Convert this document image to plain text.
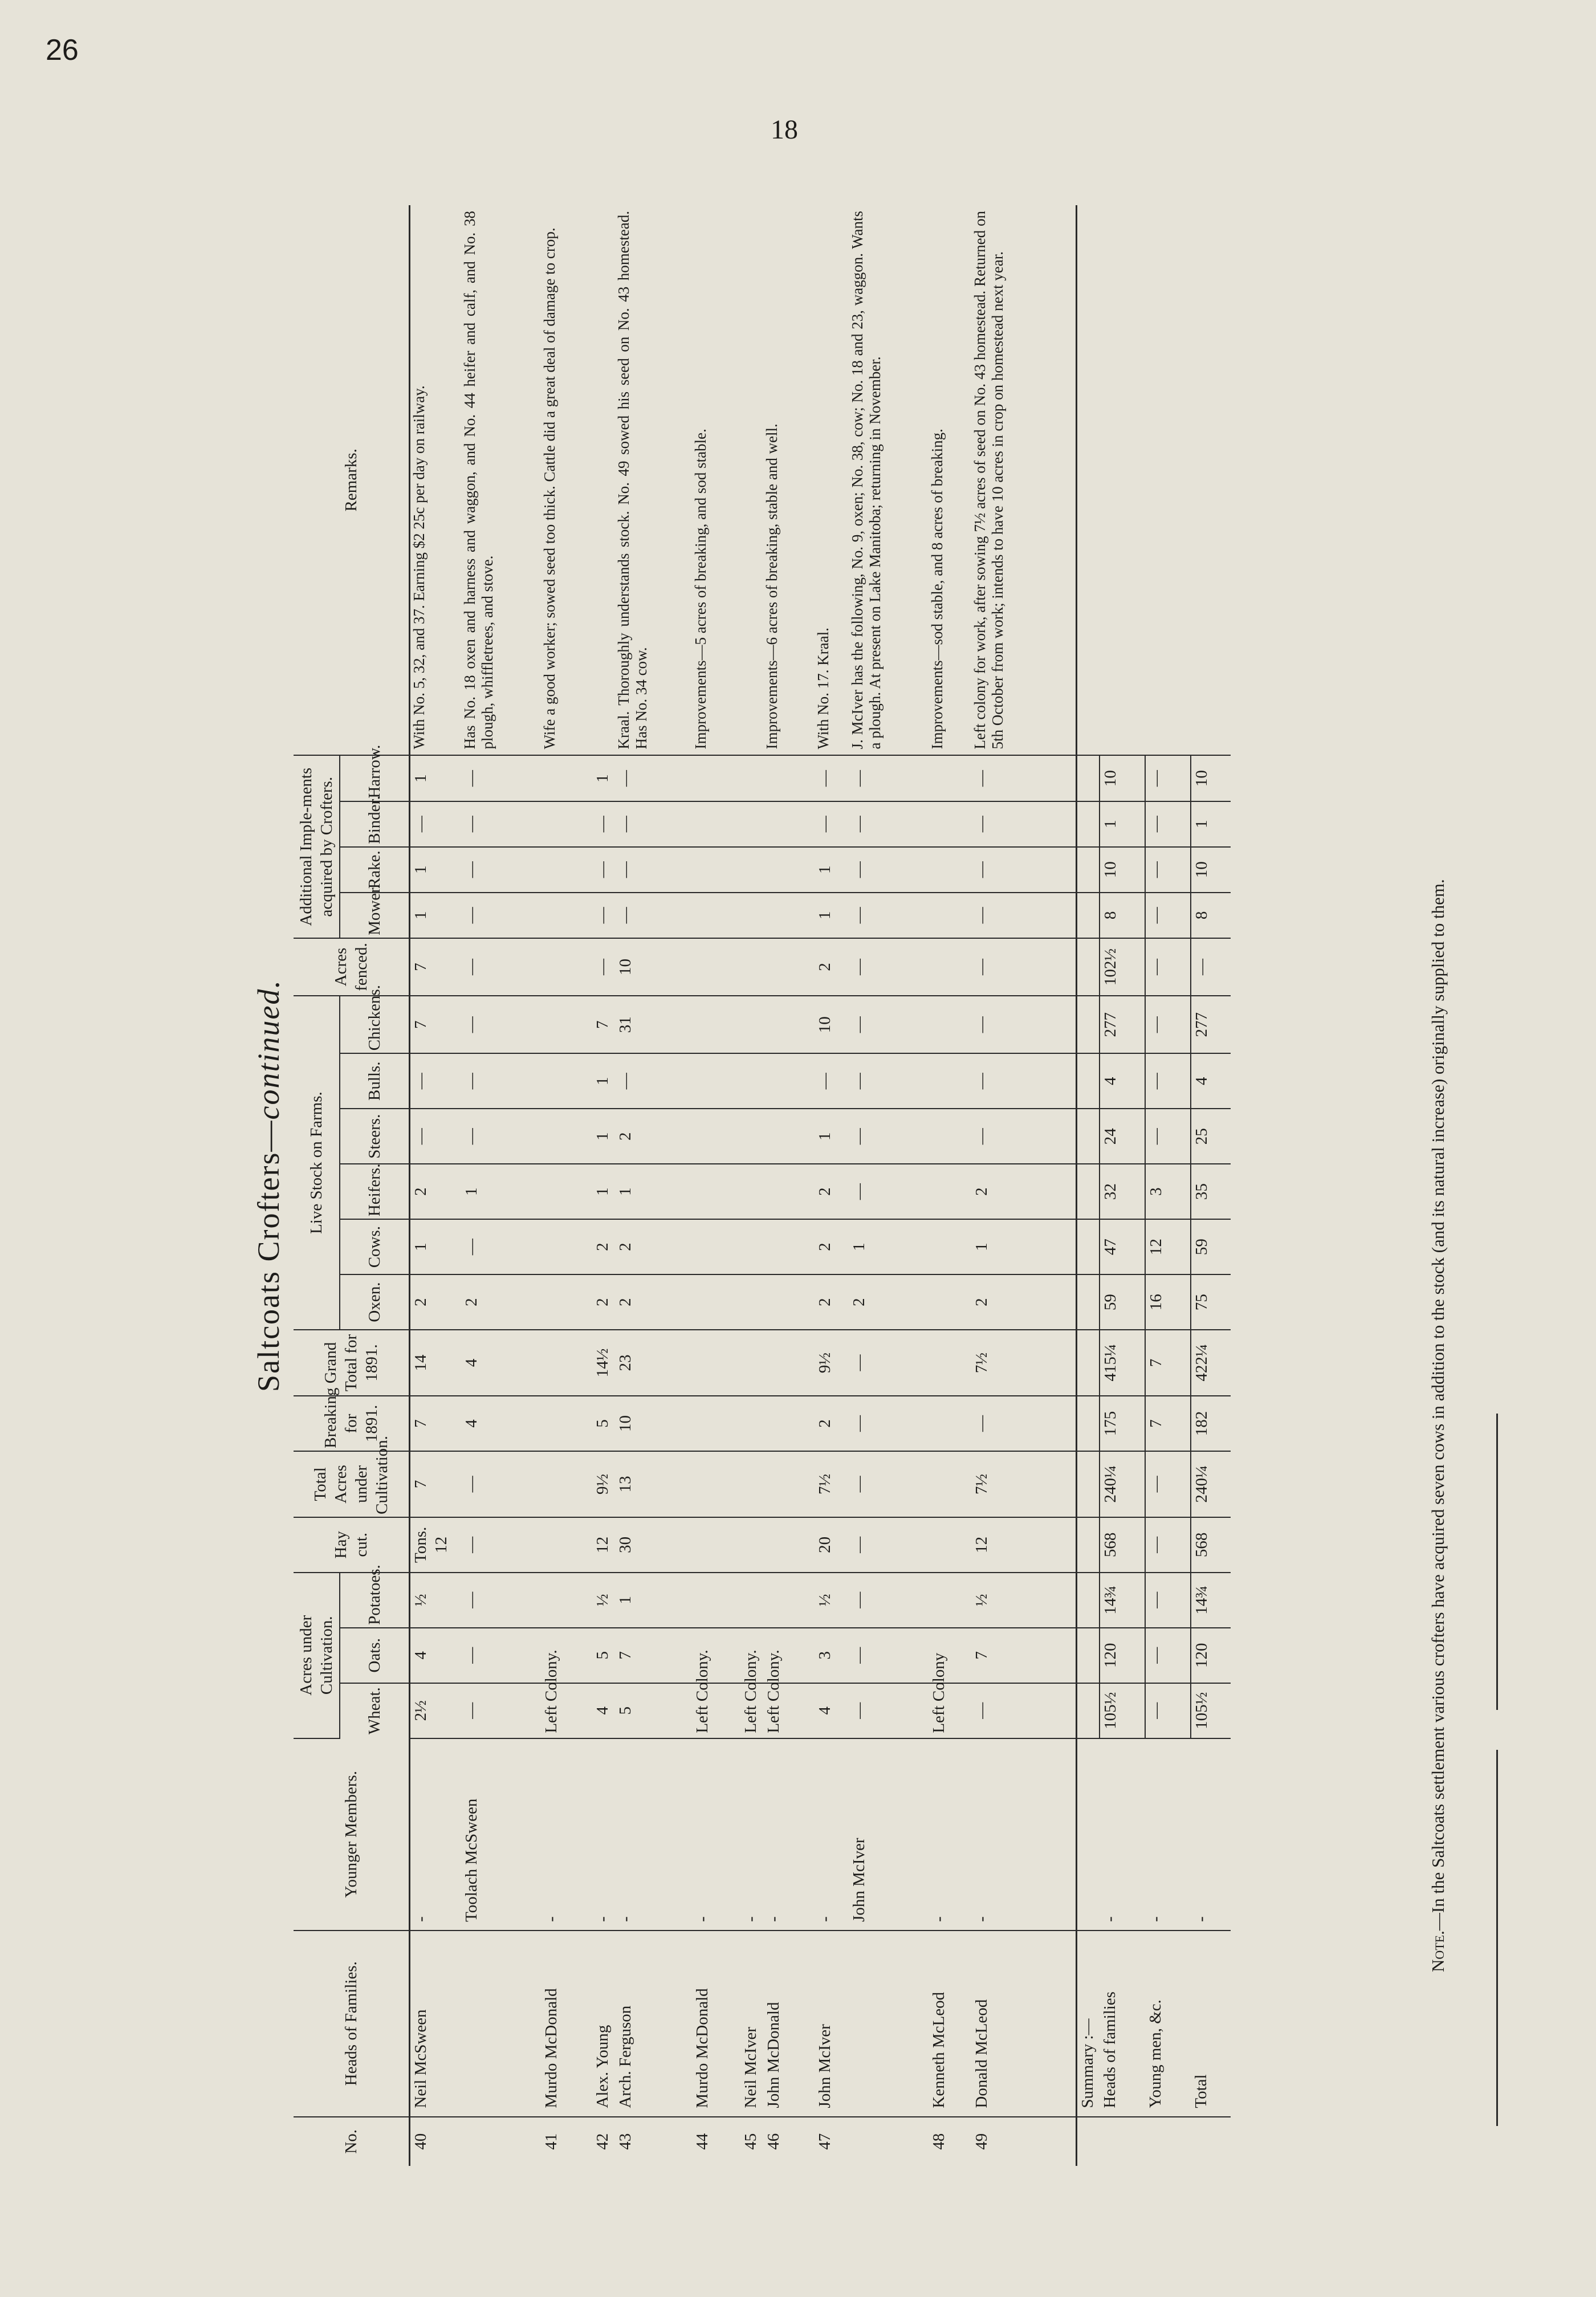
26
18
Saltcoats Crofters—continued.
No.	Heads of Families.	Younger Members.	Acres under Cultivation.			Hay cut.	Total Acres under Cultivation.	Breaking for 1891.	Grand Total for 1891.	Live Stock on Farms.						Acres fenced.	Additional Imple-ments acquired by Crofters.				Remarks.
			Wheat.	Oats.	Potatoes.					Oxen.	Cows.	Heifers.	Steers.	Bulls.	Chickens.		Mower.	Rake.	Binder.	Harrow.	
40	Neil McSween	-	2½	4	½	Tons. 12	7	7	14	2	1	2	—	—	7	7	1	1	—	1	With No. 5, 32, and 37. Earning $2 25c per day on railway.
		Toolach McSween	—	—	—	—	—	4	4	2	—	1	—	—	—	—	—	—	—	—	Has No. 18 oxen and harness and waggon, and No. 44 heifer and calf, and No. 38 plough, whiffletrees, and stove.
41	Murdo McDonald	-	Left Colony.																		Wife a good worker; sowed seed too thick. Cattle did a great deal of damage to crop.
42	Alex. Young	-	4	5	½	12	9½	5	14½	2	2	1	1	1	7	—	—	—	—	1	
43	Arch. Ferguson	-	5	7	1	30	13	10	23	2	2	1	2	—	31	10	—	—	—	—	Kraal. Thoroughly understands stock. No. 49 sowed his seed on No. 43 homestead. Has No. 34 cow.
44	Murdo McDonald	-	Left Colony.																		Improvements—5 acres of breaking, and sod stable.
45	Neil McIver	-	Left Colony.																		
46	John McDonald	-	Left Colony.																		Improvements—6 acres of breaking, stable and well.
47	John McIver	-	4	3	½	20	7½	2	9½	2	2	2	1	—	10	2	1	1	—	—	With No. 17. Kraal.
		John McIver	—	—	—	—	—	—	—	2	1	—	—	—	—	—	—	—	—	—	J. McIver has the following, No. 9, oxen; No. 38, cow; No. 18 and 23, waggon. Wants a plough. At present on Lake Manitoba; returning in November.
48	Kenneth McLeod	-	Left Colony																		Improvements—sod stable, and 8 acres of breaking.
49	Donald McLeod	-	—	7	½	12	7½	—	7½	2	1	2	—	—	—	—	—	—	—	—	Left colony for work, after sowing 7½ acres of seed on No. 43 homestead. Returned on 5th October from work; intends to have 10 acres in crop on homestead next year.
	Summary :—																				
	Heads of families	-	105½	120	14¾	568	240¼	175	415¼	59	47	32	24	4	277	102½	8	10	1	10	
	Young men, &c.	-	—	—	—	—	—	7	7	16	12	3	—	—	—	—	—	—	—	—	
	Total	-	105½	120	14¾	568	240¼	182	422¼	75	59	35	25	4	277	—	8	10	1	10	
Note.—In the Saltcoats settlement various crofters have acquired seven cows in addition to the stock (and its natural increase) originally supplied to them.
